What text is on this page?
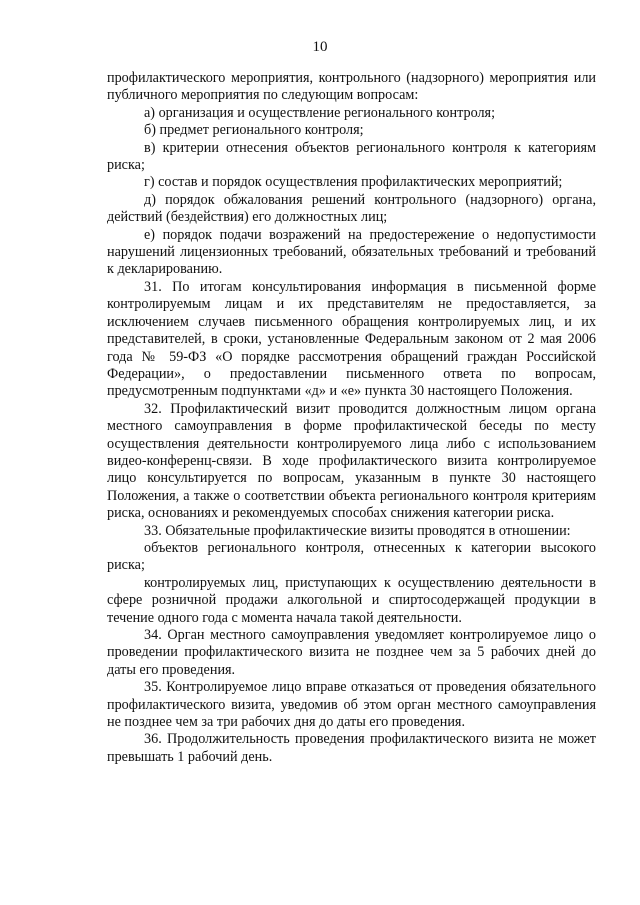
10

профилактического мероприятия, контрольного (надзорного) мероприятия или публичного мероприятия по следующим вопросам:

а) организация и осуществление регионального контроля;

б) предмет регионального контроля;

в) критерии отнесения объектов регионального контроля к категориям риска;

г) состав и порядок осуществления профилактических мероприятий;

д) порядок обжалования решений контрольного (надзорного) органа, действий (бездействия) его должностных лиц;

е) порядок подачи возражений на предостережение о недопустимости нарушений лицензионных требований, обязательных требований и требований к декларированию.

31. По итогам консультирования информация в письменной форме контролируемым лицам и их представителям не предоставляется, за исключением случаев письменного обращения контролируемых лиц, и их представителей, в сроки, установленные Федеральным законом от 2 мая 2006 года № 59-ФЗ «О порядке рассмотрения обращений граждан Российской Федерации», о предоставлении письменного ответа по вопросам, предусмотренным подпунктами «д» и «е» пункта 30 настоящего Положения.

32. Профилактический визит проводится должностным лицом органа местного самоуправления в форме профилактической беседы по месту осуществления деятельности контролируемого лица либо с использованием видео-конференц-связи. В ходе профилактического визита контролируемое лицо консультируется по вопросам, указанным в пункте 30 настоящего Положения, а также о соответствии объекта регионального контроля критериям риска, основаниях и рекомендуемых способах снижения категории риска.

33. Обязательные профилактические визиты проводятся в отношении:

объектов регионального контроля, отнесенных к категории высокого риска;

контролируемых лиц, приступающих к осуществлению деятельности в сфере розничной продажи алкогольной и спиртосодержащей продукции в течение одного года с момента начала такой деятельности.

34. Орган местного самоуправления уведомляет контролируемое лицо о проведении профилактического визита не позднее чем за 5 рабочих дней до даты его проведения.

35. Контролируемое лицо вправе отказаться от проведения обязательного профилактического визита, уведомив об этом орган местного самоуправления не позднее чем за три рабочих дня до даты его проведения.

36. Продолжительность проведения профилактического визита не может превышать 1 рабочий день.
